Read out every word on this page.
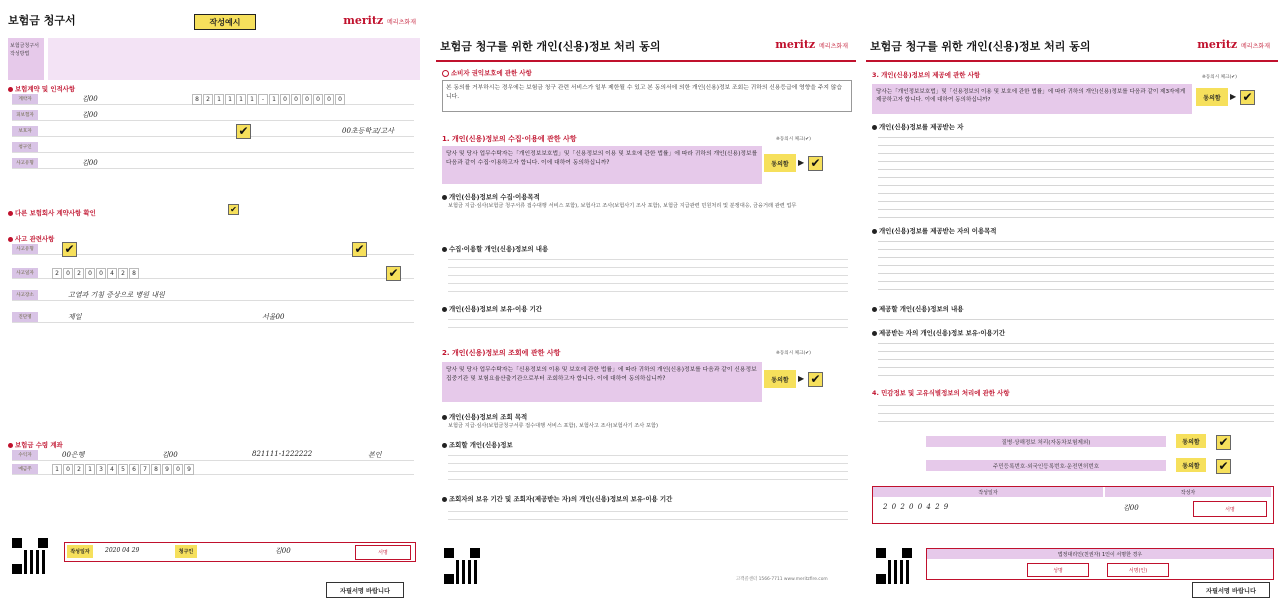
보험금 청구서	작성예시	meritz 메리츠화재
보험금청구서 작성방법
보험계약 및 인적사항
계약자	김00	8	2	1	1	1	1	-	1	0	0	0	0	0	0
피보험자	김00
보호자	✔	00초등학교/고사
청구인
사고유형	김00
다른 보험회사 계약사항 확인	✔
사고 관련사항
사고유형	✔	✔
사고일자	2	0	2	0	0	4	2	8	✔
사고장소	고열과 기침 증상으로 병원 내원
진단명	제일	서울00
보험금 수령 계좌
수익자	00은행	김00	821111-1222222	본인
예금주	1	0	2	1	3	4	5	6	7	8	9	0	9
작성일자	2020 04 29	청구인	김00	서명
자필서명 바랍니다
보험금 청구를 위한 개인(신용)정보 처리 동의	meritz 메리츠화재
소비자 권익보호에 관한 사항
본 동의를 거부하시는 경우에는 보험금 청구 관련 서비스가 일부 제한될 수 있고 본 동의서에 의한 개인(신용)정보 조회는 귀하의 신용등급에 영향을 주지 않습니다.
1. 개인(신용)정보의 수집·이용에 관한 사항	※동의시 체크(✔)
당사 및 당사 업무수탁자는「개인정보보호법」및「신용정보의 이용 및 보호에 관한 법률」에 따라 귀하의 개인(신용)정보를 다음과 같이 수집·이용하고자 합니다. 이에 대하여 동의하십니까?	동의함	▶ ✔
개인(신용)정보의 수집·이용목적
보험금 지급·심사(보험금 청구서류 접수대행 서비스 포함), 보험사고 조사(보험사기 조사 포함), 보험금 지급관련 민원처리 및 분쟁대응, 금융거래 관련 업무
수집·이용할 개인(신용)정보의 내용
개인(신용)정보의 보유·이용 기간
2. 개인(신용)정보의 조회에 관한 사항	※동의시 체크(✔)
당사 및 당사 업무수탁자는「신용정보의 이용 및 보호에 관한 법률」에 따라 귀하의 개인(신용)정보를 다음과 같이 신용정보집중기관 및 보험요율산출기관으로부터 조회하고자 합니다. 이에 대하여 동의하십니까?	동의함	▶ ✔
개인(신용)정보의 조회 목적
보험금 지급·심사(보험금청구서류 접수대행 서비스 포함), 보험사고 조사(보험사기 조사 포함)
조회할 개인(신용)정보
조회자의 보유 기간 및 조회자(제공받는 자)의 개인(신용)정보의 보유·이용 기간
고객콜센터 1566-7711 www.meritzfire.com
보험금 청구를 위한 개인(신용)정보 처리 동의	meritz 메리츠화재
3. 개인(신용)정보의 제공에 관한 사항	※동의시 체크(✔)
당사는「개인정보보호법」및「신용정보의 이용 및 보호에 관한 법률」에 따라 귀하의 개인(신용)정보를 다음과 같이 제3자에게 제공하고자 합니다. 이에 대하여 동의하십니까?	동의함	▶ ✔
개인(신용)정보를 제공받는 자
개인(신용)정보를 제공받는 자의 이용목적
제공할 개인(신용)정보의 내용
제공받는 자의 개인(신용)정보 보유·이용기간
4. 민감정보 및 고유식별정보의 처리에 관한 사항
질병·상해정보 처리(자동차보험제외)	동의함	✔
주민등록번호·외국인등록번호·운전면허번호	동의함	✔
작성일자	작성자
2 0 2 0 0 4 2 9	김00	서명
법정대리인(친권자) 1인이 서명한 경우
성명	서명(인)
자필서명 바랍니다
